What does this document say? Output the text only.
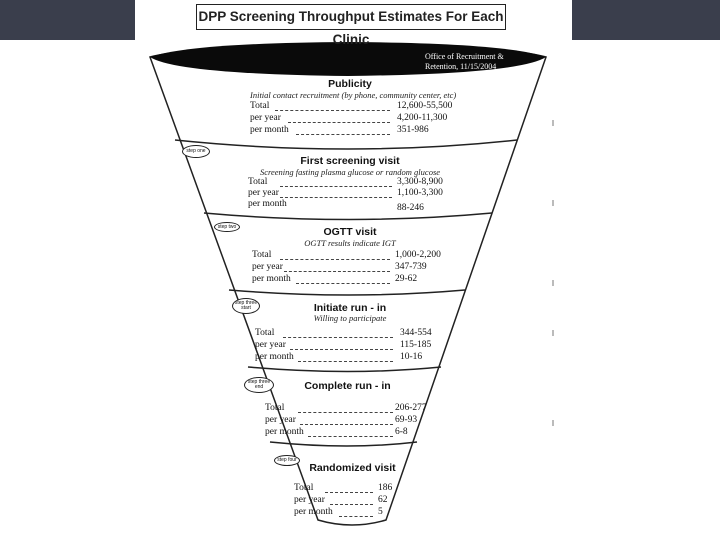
DPP Screening Throughput Estimates For Each Clinic
Office of Recruitment & Retention, 11/15/2004
Publicity
Initial contact recruitment (by phone, community center, etc)
Total	12,600-55,500
per year	4,200-11,300
per month	351-986
step one
First screening visit
Screening fasting plasma glucose or random glucose
Total	3,300-8,900
per year	1,100-3,300
per month	88-246
step two	OGTT visit
OGTT results indicate IGT
Total	1,000-2,200
per year	347-739
per month	29-62
step three start	Initiate run - in
Willing to participate
Total	344-554
per year	115-185
per month	10-16
step three end	Complete run - in
Total	206-277
per year	69-93
per month	6-8
step four
Randomized visit
Total	186
per year	62
per month	5
